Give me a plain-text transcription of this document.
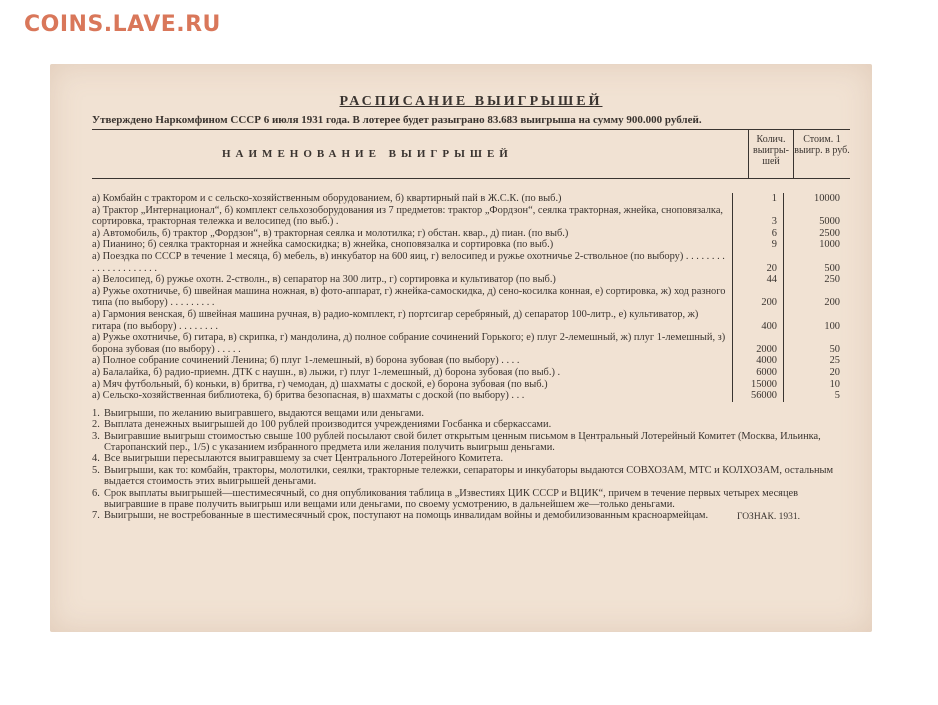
COINS.LAVE.RU
РАСПИСАНИЕ ВЫИГРЫШЕЙ
Утверждено Наркомфином СССР 6 июля 1931 года. В лотерее будет разыграно 83.683 выигрыша на сумму 900.000 рублей.
НАИМЕНОВАНИЕ ВЫИГРЫШЕЙ
Колич. выигры- шей
Стоим. 1 выигр. в руб.
а) Комбайн с трактором и с сельско-хозяйственным оборудованием, б) квартирный пай в Ж.С.К. (по выб.)	1	10000
а) Трактор „Интернационал“, б) комплект сельхозоборудования из 7 предметов: трактор „Фордзон“, сеялка тракторная, жнейка, сноповязалка, сортировка, тракторная тележка и велосипед (по выб.) .	3	5000
а) Автомобиль, б) трактор „Фордзон“, в) тракторная сеялка и молотилка; г) обстан. квар., д) пиан. (по выб.)	6	2500
а) Пианино; б) сеялка тракторная и жнейка самоскидка; в) жнейка, сноповязалка и сортировка (по выб.)	9	1000
а) Поездка по СССР в течение 1 месяца, б) мебель, в) инкубатор на 600 яиц, г) велосипед и ружье охотничье 2-ствольное (по выбору) . . . . . . . . . . . . . . . . . . . . .	20	500
а) Велосипед, б) ружье охотн. 2-стволн., в) сепаратор на 300 литр., г) сортировка и культиватор (по выб.)	44	250
а) Ружье охотничье, б) швейная машина ножная, в) фото-аппарат, г) жнейка-самоскидка, д) сено-косилка конная, е) сортировка, ж) ход разного типа (по выбору) . . . . . . . . .	200	200
а) Гармония венская, б) швейная машина ручная, в) радио-комплект, г) портсигар серебряный, д) сепаратор 100-литр., е) культиватор, ж) гитара (по выбору) . . . . . . . .	400	100
а) Ружье охотничье, б) гитара, в) скрипка, г) мандолина, д) полное собрание сочинений Горького; е) плуг 2-лемешный, ж) плуг 1-лемешный, з) борона зубовая (по выбору) . . . . .	2000	50
а) Полное собрание сочинений Ленина; б) плуг 1-лемешный, в) борона зубовая (по выбору) . . . .	4000	25
а) Балалайка, б) радио-приемн. ДТК с наушн., в) лыжи, г) плуг 1-лемешный, д) борона зубовая (по выб.) .	6000	20
а) Мяч футбольный, б) коньки, в) бритва, г) чемодан, д) шахматы с доской, е) борона зубовая (по выб.)	15000	10
а) Сельско-хозяйственная библиотека, б) бритва безопасная, в) шахматы с доской (по выбору) . . .	56000	5
1. Выигрыши, по желанию выигравшего, выдаются вещами или деньгами.
2. Выплата денежных выигрышей до 100 рублей производится учреждениями Госбанка и сберкассами.
3. Выигравшие выигрыш стоимостью свыше 100 рублей посылают свой билет открытым ценным письмом в Центральный Лотерейный Комитет (Москва, Ильинка, Старопанский пер., 1/5) с указанием избранного предмета или желания получить выигрыш деньгами.
4. Все выигрыши пересылаются выигравшему за счет Центрального Лотерейного Комитета.
5. Выигрыши, как то: комбайн, тракторы, молотилки, сеялки, тракторные тележки, сепараторы и инкубаторы выдаются СОВХОЗАМ, МТС и КОЛХОЗАМ, остальным выдается стоимость этих выигрышей деньгами.
6. Срок выплаты выигрышей—шестимесячный, со дня опубликования таблица в „Известиях ЦИК СССР и ВЦИК“, причем в течение первых четырех месяцев выигравшие в праве получить выигрыш или вещами или деньгами, по своему усмотрению, в дальнейшем же—только деньгами.
7. Выигрыши, не востребованные в шестимесячный срок, поступают на помощь инвалидам войны и демобилизованным красноармейцам.	ГОЗНАК. 1931.
